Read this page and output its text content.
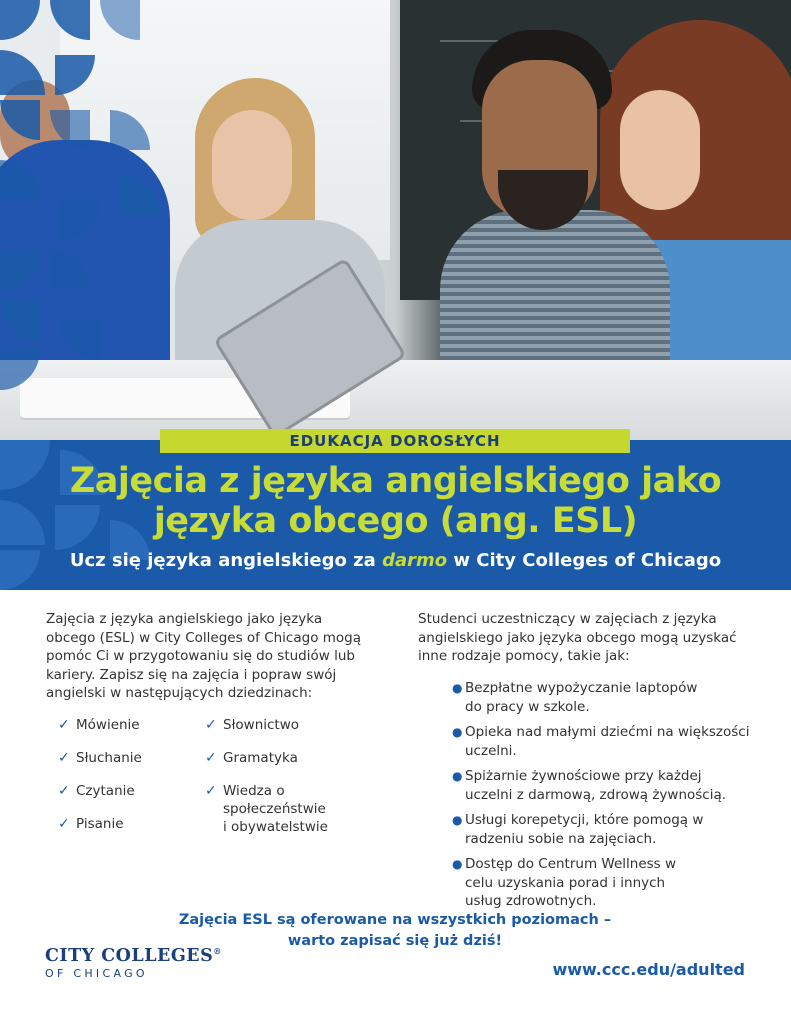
EDUKACJA DOROSŁYCH
Zajęcia z języka angielskiego jako
języka obcego (ang. ESL)
Ucz się języka angielskiego za darmo w City Colleges of Chicago
Zajęcia z języka angielskiego jako języka obcego (ESL) w City Colleges of Chicago mogą pomóc Ci w przygotowaniu się do studiów lub kariery. Zapisz się na zajęcia i popraw swój angielski w następujących dziedzinach:
✓ Mówienie
✓ Słuchanie
✓ Czytanie
✓ Pisanie
✓ Słownictwo
✓ Gramatyka
✓ Wiedza o społeczeństwie i obywatelstwie
Studenci uczestniczący w zajęciach z języka angielskiego jako języka obcego mogą uzyskać inne rodzaje pomocy, takie jak:
● Bezpłatne wypożyczanie laptopów do pracy w szkole.
● Opieka nad małymi dziećmi na większości uczelni.
● Spiżarnie żywnościowe przy każdej uczelni z darmową, zdrową żywnością.
● Usługi korepetycji, które pomogą w radzeniu sobie na zajęciach.
● Dostęp do Centrum Wellness w celu uzyskania porad i innych usług zdrowotnych.
Zajęcia ESL są oferowane na wszystkich poziomach –
warto zapisać się już dziś!
CITY COLLEGES®
OF CHICAGO	www.ccc.edu/adulted
